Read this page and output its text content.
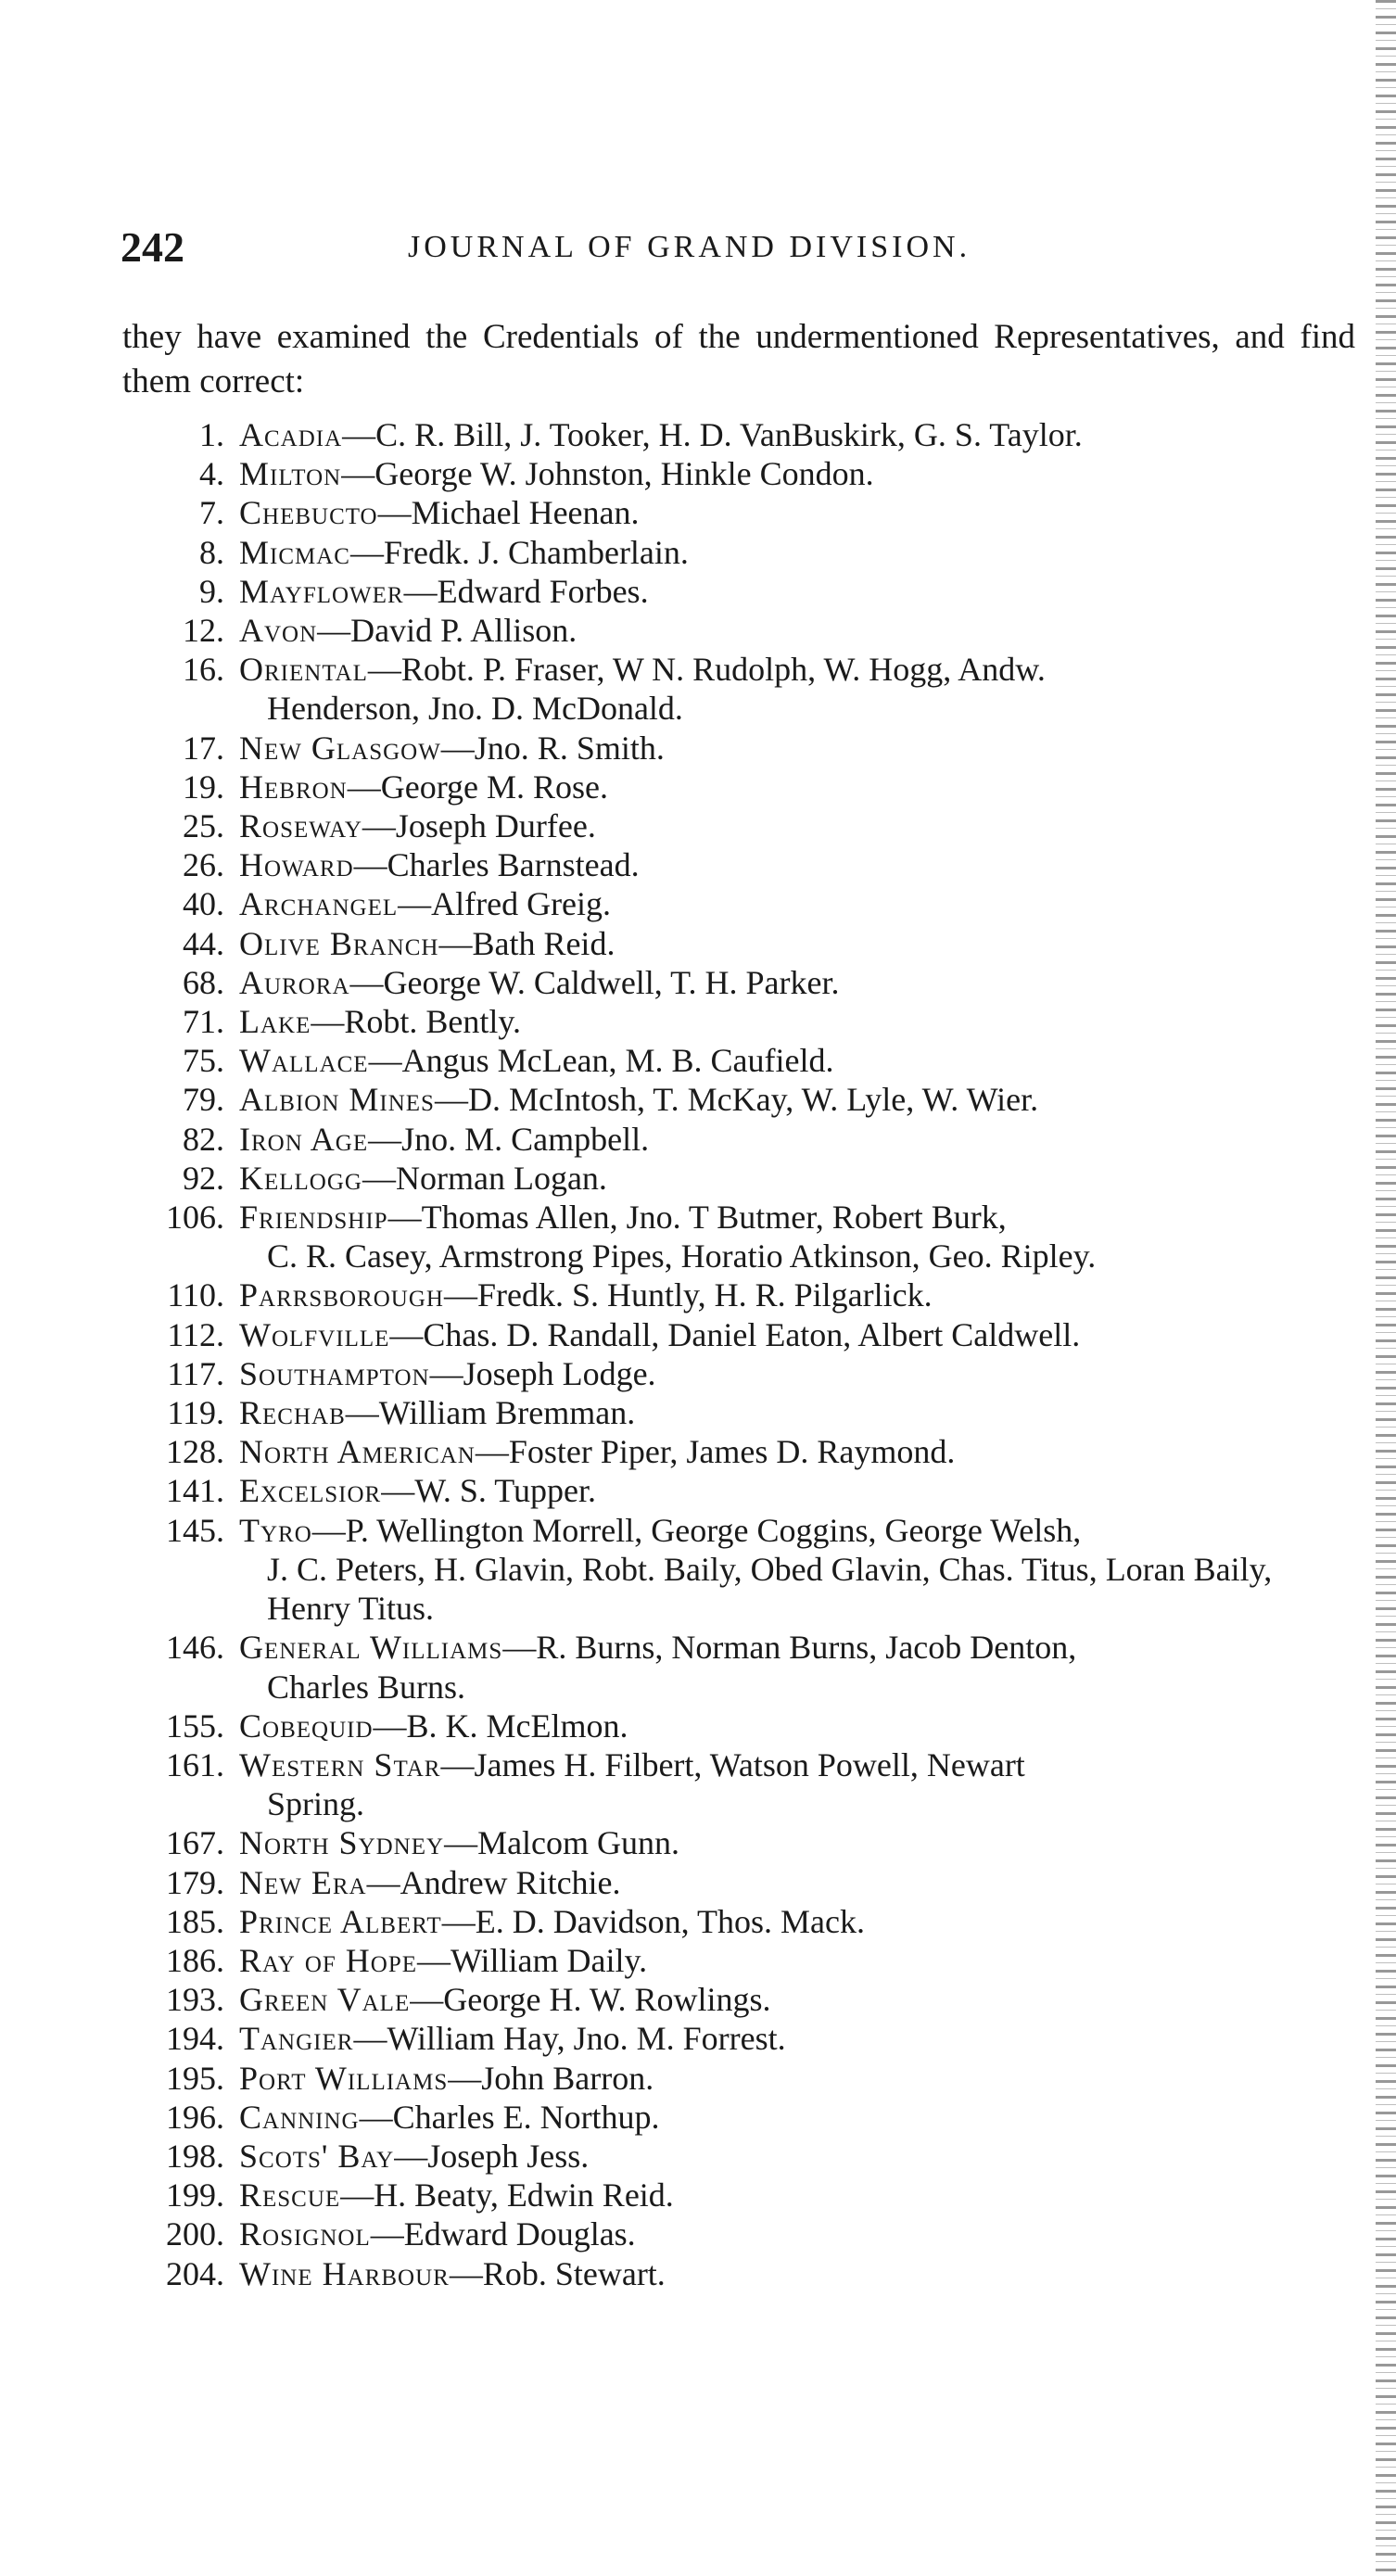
242	JOURNAL OF GRAND DIVISION.
they have examined the Credentials of the undermentioned Representatives, and find them correct:
1. Acadia—C. R. Bill, J. Tooker, H. D. VanBuskirk, G. S. Taylor.
4. Milton—George W. Johnston, Hinkle Condon.
7. Chebucto—Michael Heenan.
8. Micmac—Fredk. J. Chamberlain.
9. Mayflower—Edward Forbes.
12. Avon—David P. Allison.
16. Oriental—Robt. P. Fraser, W N. Rudolph, W. Hogg, Andw.
Henderson, Jno. D. McDonald.
17. New Glasgow—Jno. R. Smith.
19. Hebron—George M. Rose.
25. Roseway—Joseph Durfee.
26. Howard—Charles Barnstead.
40. Archangel—Alfred Greig.
44. Olive Branch—Bath Reid.
68. Aurora—George W. Caldwell, T. H. Parker.
71. Lake—Robt. Bently.
75. Wallace—Angus McLean, M. B. Caufield.
79. Albion Mines—D. McIntosh, T. McKay, W. Lyle, W. Wier.
82. Iron Age—Jno. M. Campbell.
92. Kellogg—Norman Logan.
106. Friendship—Thomas Allen, Jno. T Butmer, Robert Burk,
C. R. Casey, Armstrong Pipes, Horatio Atkinson, Geo. Ripley.
110. Parrsborough—Fredk. S. Huntly, H. R. Pilgarlick.
112. Wolfville—Chas. D. Randall, Daniel Eaton, Albert Caldwell.
117. Southampton—Joseph Lodge.
119. Rechab—William Bremman.
128. North American—Foster Piper, James D. Raymond.
141. Excelsior—W. S. Tupper.
145. Tyro—P. Wellington Morrell, George Coggins, George Welsh,
J. C. Peters, H. Glavin, Robt. Baily, Obed Glavin, Chas. Titus, Loran Baily, Henry Titus.
146. General Williams—R. Burns, Norman Burns, Jacob Denton,
Charles Burns.
155. Cobequid—B. K. McElmon.
161. Western Star—James H. Filbert, Watson Powell, Newart
Spring.
167. North Sydney—Malcom Gunn.
179. New Era—Andrew Ritchie.
185. Prince Albert—E. D. Davidson, Thos. Mack.
186. Ray of Hope—William Daily.
193. Green Vale—George H. W. Rowlings.
194. Tangier—William Hay, Jno. M. Forrest.
195. Port Williams—John Barron.
196. Canning—Charles E. Northup.
198. Scots' Bay—Joseph Jess.
199. Rescue—H. Beaty, Edwin Reid.
200. Rosignol—Edward Douglas.
204. Wine Harbour—Rob. Stewart.
